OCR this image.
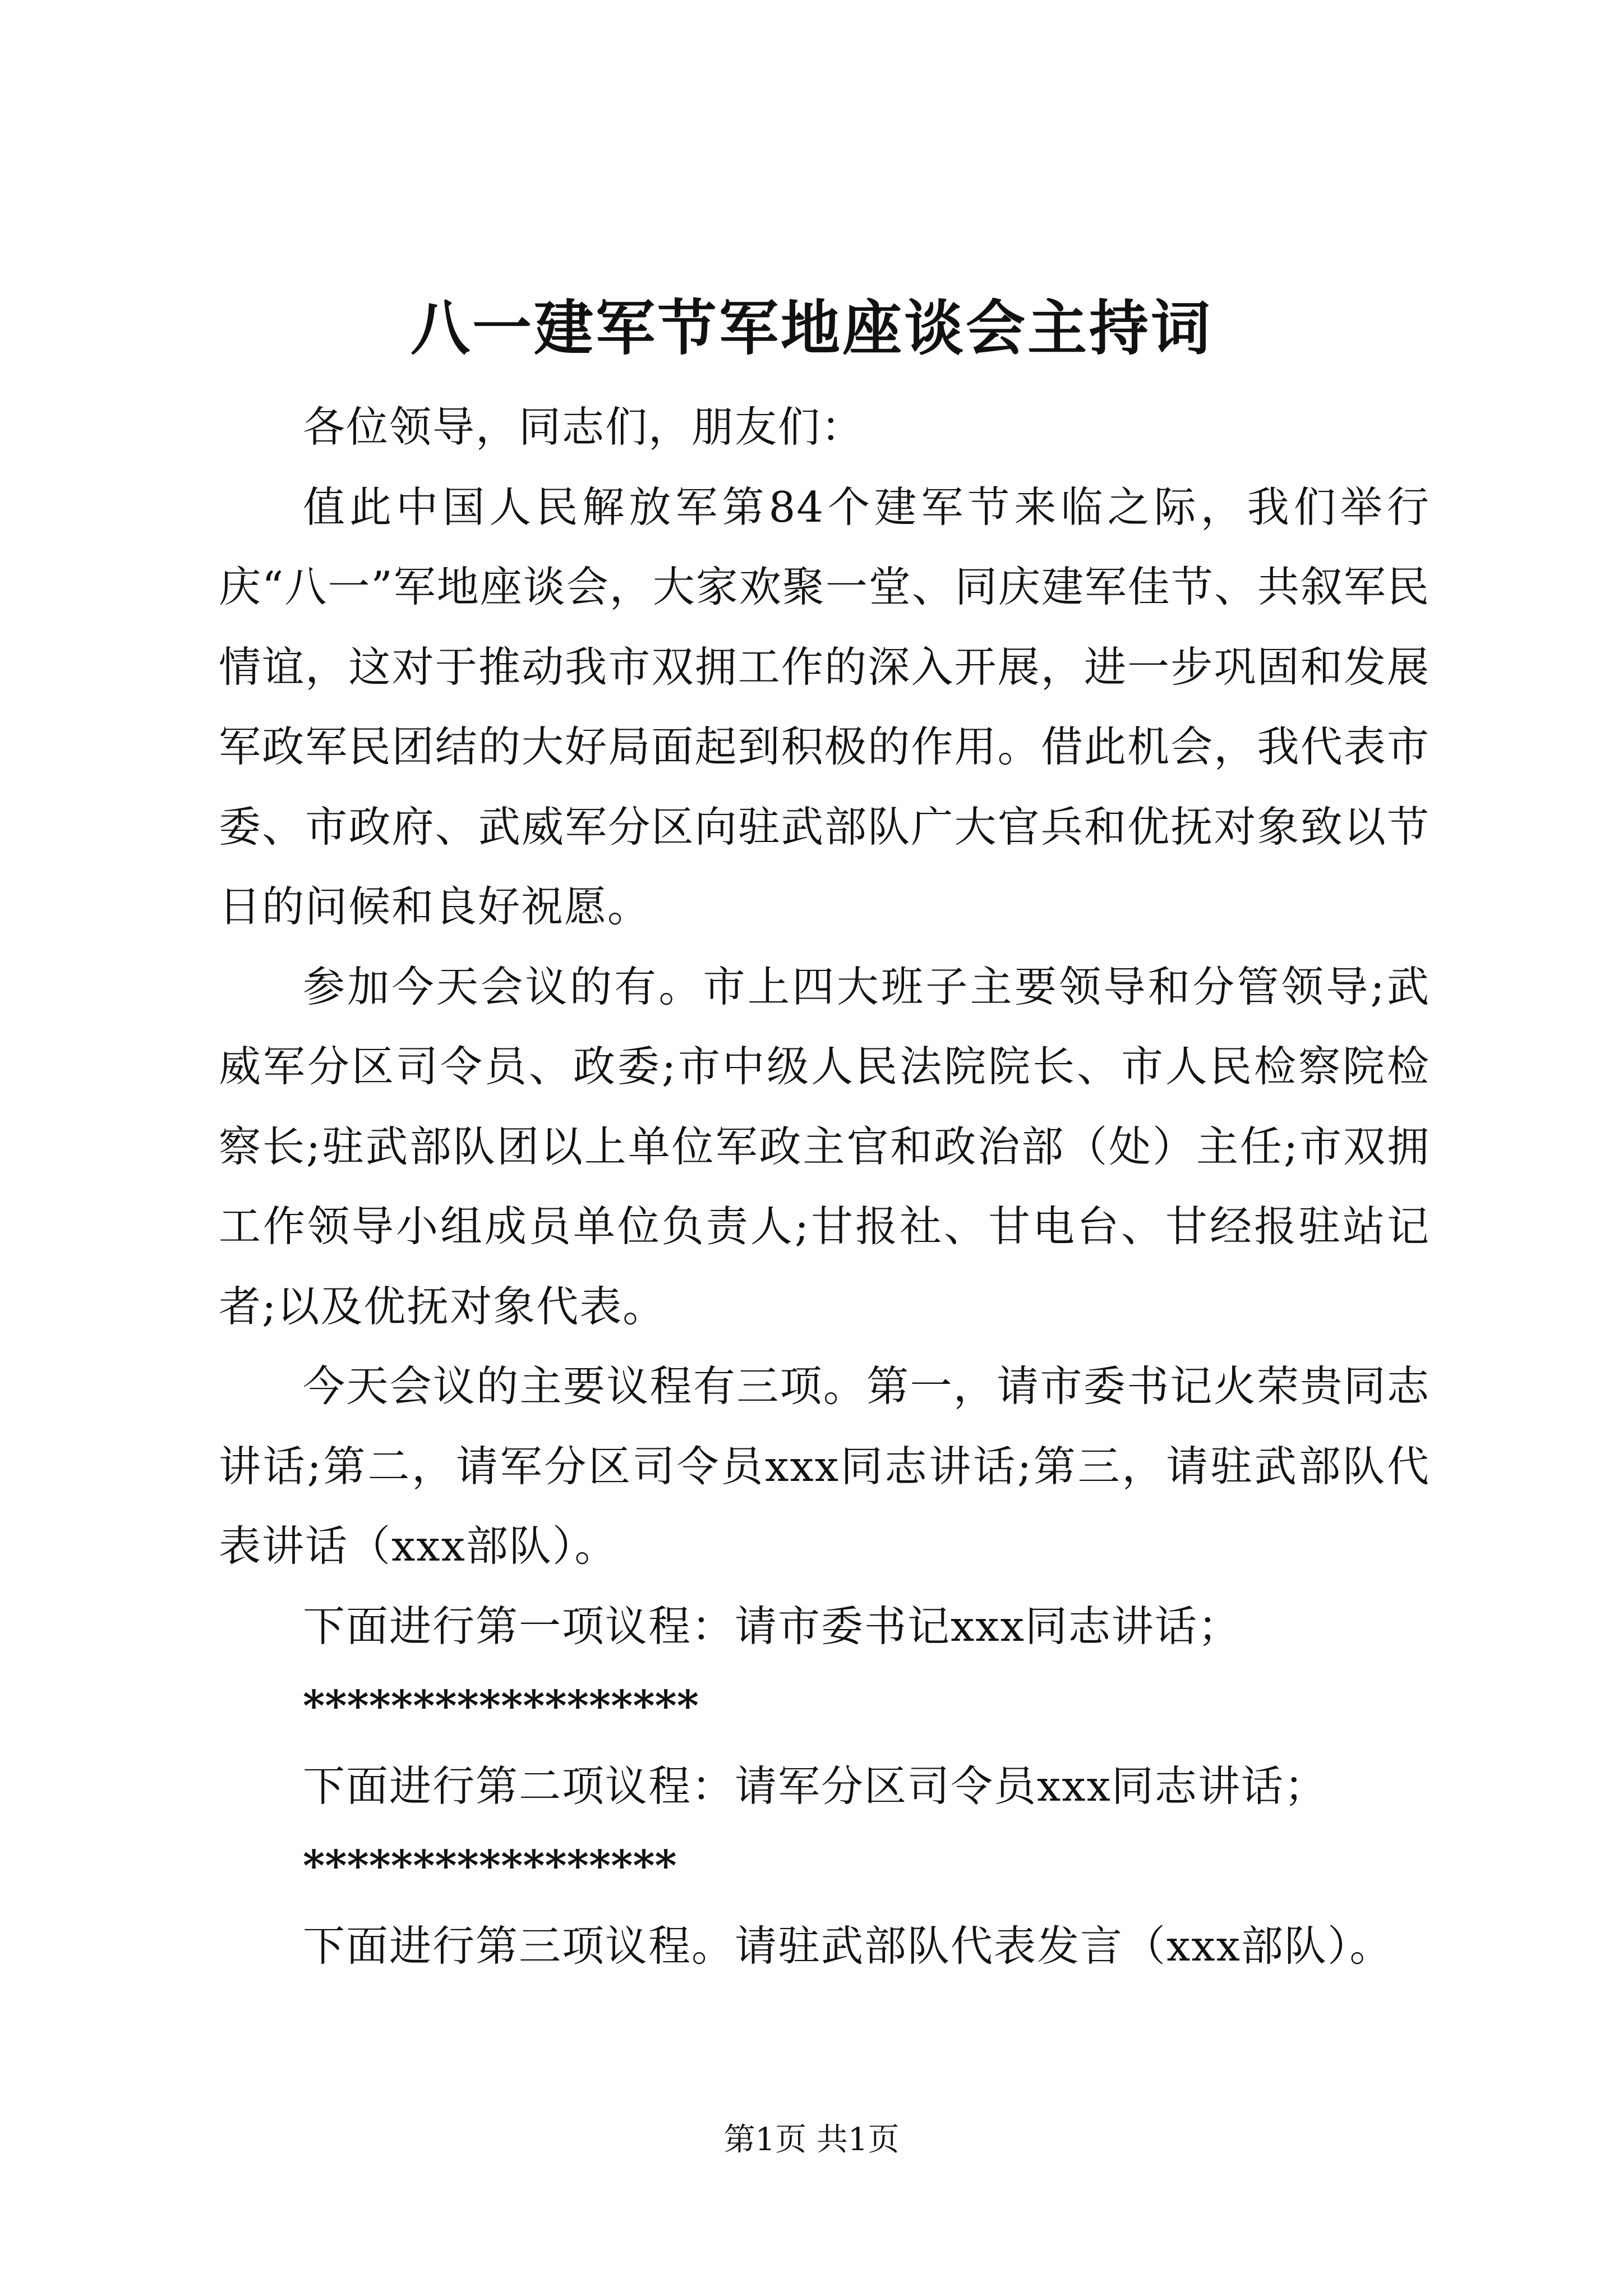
八一建军节军地座谈会主持词

各位领导，同志们，朋友们：

值此中国人民解放军第84个建军节来临之际，我们举行庆“八一”军地座谈会，大家欢聚一堂、同庆建军佳节、共叙军民情谊，这对于推动我市双拥工作的深入开展，进一步巩固和发展军政军民团结的大好局面起到积极的作用。借此机会，我代表市委、市政府、武威军分区向驻武部队广大官兵和优抚对象致以节日的问候和良好祝愿。

参加今天会议的有。市上四大班子主要领导和分管领导;武威军分区司令员、政委;市中级人民法院院长、市人民检察院检察长;驻武部队团以上单位军政主官和政治部（处）主任;市双拥工作领导小组成员单位负责人;甘报社、甘电台、甘经报驻站记者;以及优抚对象代表。

今天会议的主要议程有三项。第一，请市委书记火荣贵同志讲话;第二，请军分区司令员xxx同志讲话;第三，请驻武部队代表讲话（xxx部队）。

下面进行第一项议程：请市委书记xxx同志讲话；

******************

下面进行第二项议程：请军分区司令员xxx同志讲话；

*****************

下面进行第三项议程。请驻武部队代表发言（xxx部队）。

第1页 共1页
